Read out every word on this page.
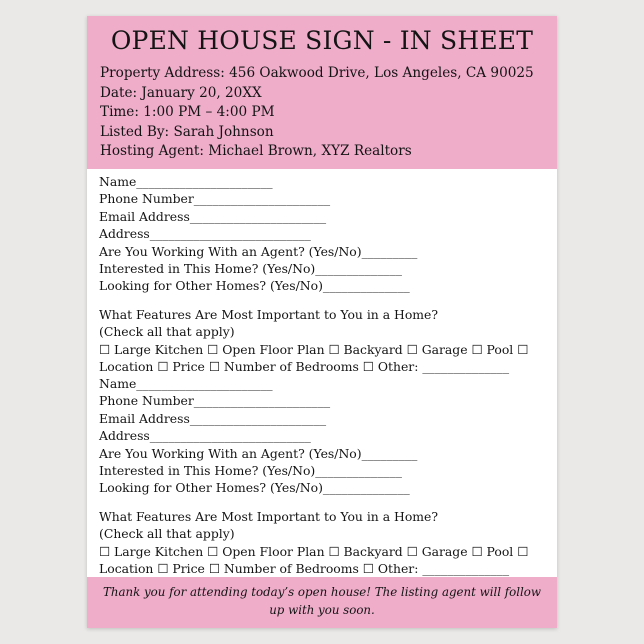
OPEN HOUSE SIGN - IN SHEET
Property Address: 456 Oakwood Drive, Los Angeles, CA 90025
Date: January 20, 20XX
Time: 1:00 PM – 4:00 PM
Listed By: Sarah Johnson
Hosting Agent: Michael Brown, XYZ Realtors
Name______________________
Phone Number______________________
Email Address______________________
Address__________________________
Are You Working With an Agent? (Yes/No)_________
Interested in This Home? (Yes/No)______________
Looking for Other Homes? (Yes/No)______________
What Features Are Most Important to You in a Home?
(Check all that apply)
☐ Large Kitchen ☐ Open Floor Plan ☐ Backyard ☐ Garage ☐ Pool ☐
Location ☐ Price ☐ Number of Bedrooms ☐ Other: ______________
Name______________________
Phone Number______________________
Email Address______________________
Address__________________________
Are You Working With an Agent? (Yes/No)_________
Interested in This Home? (Yes/No)______________
Looking for Other Homes? (Yes/No)______________
What Features Are Most Important to You in a Home?
(Check all that apply)
☐ Large Kitchen ☐ Open Floor Plan ☐ Backyard ☐ Garage ☐ Pool ☐
Location ☐ Price ☐ Number of Bedrooms ☐ Other: ______________
Thank you for attending today’s open house! The listing agent will follow up with you soon.
